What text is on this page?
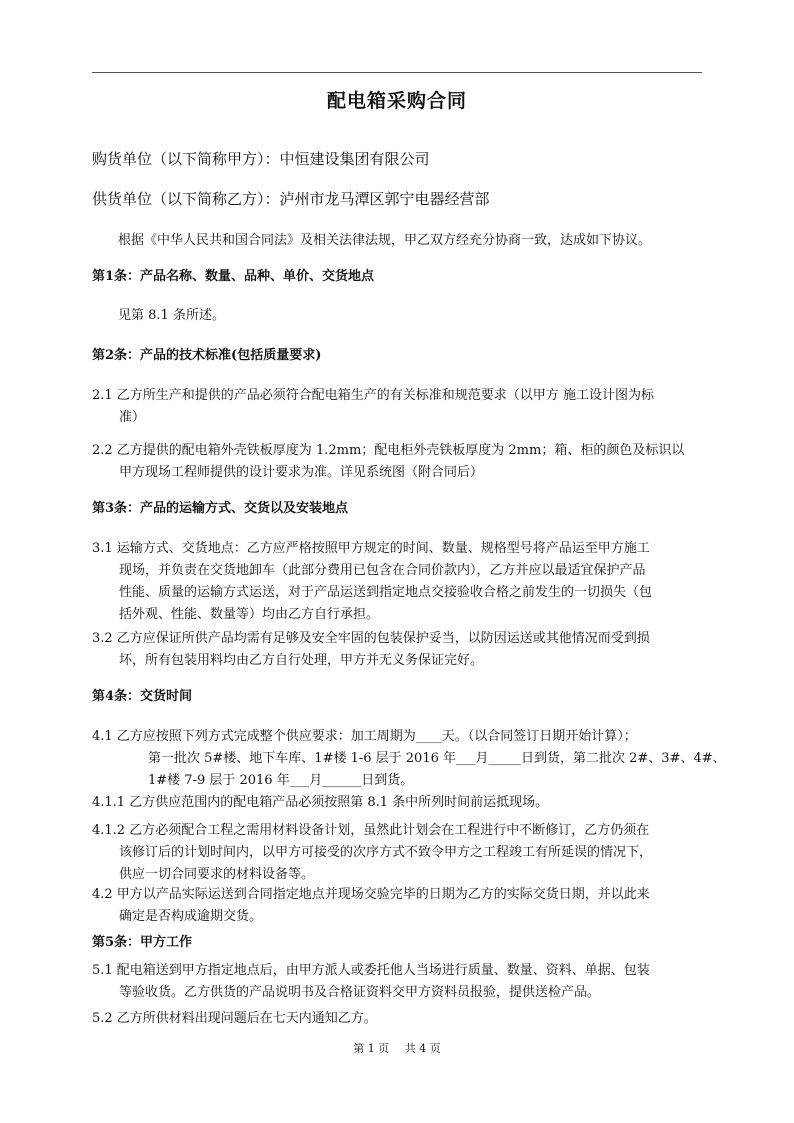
配电箱采购合同

购货单位（以下简称甲方）：中恒建设集团有限公司

供货单位（以下简称乙方）：泸州市龙马潭区郭宁电器经营部

根据《中华人民共和国合同法》及相关法律法规，甲乙双方经充分协商一致，达成如下协议。

第1条：产品名称、数量、品种、单价、交货地点

见第 8.1 条所述。

第2条：产品的技术标准(包括质量要求)

2.1 乙方所生产和提供的产品必须符合配电箱生产的有关标准和规范要求（以甲方 施工设计图为标
准）
2.2 乙方提供的配电箱外壳铁板厚度为 1.2mm；配电柜外壳铁板厚度为 2mm；箱、柜的颜色及标识以
甲方现场工程师提供的设计要求为准。详见系统图（附合同后）

第3条：产品的运输方式、交货以及安装地点

3.1 运输方式、交货地点：乙方应严格按照甲方规定的时间、数量、规格型号将产品运至甲方施工
现场，并负责在交货地卸车（此部分费用已包含在合同价款内），乙方并应以最适宜保护产品
性能、质量的运输方式运送，对于产品运送到指定地点交接验收合格之前发生的一切损失（包
括外观、性能、数量等）均由乙方自行承担。
3.2 乙方应保证所供产品均需有足够及安全牢固的包装保护妥当，以防因运送或其他情况而受到损
坏，所有包装用料均由乙方自行处理，甲方并无义务保证完好。

第4条：交货时间

4.1 乙方应按照下列方式完成整个供应要求：加工周期为____天。（以合同签订日期开始计算）；
第一批次 5#楼、地下车库、1#楼 1-6 层于 2016 年___月_____日到货，第二批次 2#、3#、4#、
1#楼 7-9 层于 2016 年___月______日到货。
4.1.1 乙方供应范围内的配电箱产品必须按照第 8.1 条中所列时间前运抵现场。
4.1.2 乙方必须配合工程之需用材料设备计划，虽然此计划会在工程进行中不断修订，乙方仍须在
该修订后的计划时间内，以甲方可接受的次序方式不致令甲方之工程竣工有所延误的情况下，
供应一切合同要求的材料设备等。
4.2 甲方以产品实际运送到合同指定地点并现场交验完毕的日期为乙方的实际交货日期，并以此来
确定是否构成逾期交货。

第5条：甲方工作

5.1 配电箱送到甲方指定地点后，由甲方派人或委托他人当场进行质量、数量、资料、单据、包装
等验收货。乙方供货的产品说明书及合格证资料交甲方资料员报验，提供送检产品。
5.2 乙方所供材料出现问题后在七天内通知乙方。
第 1 页 共 4 页
